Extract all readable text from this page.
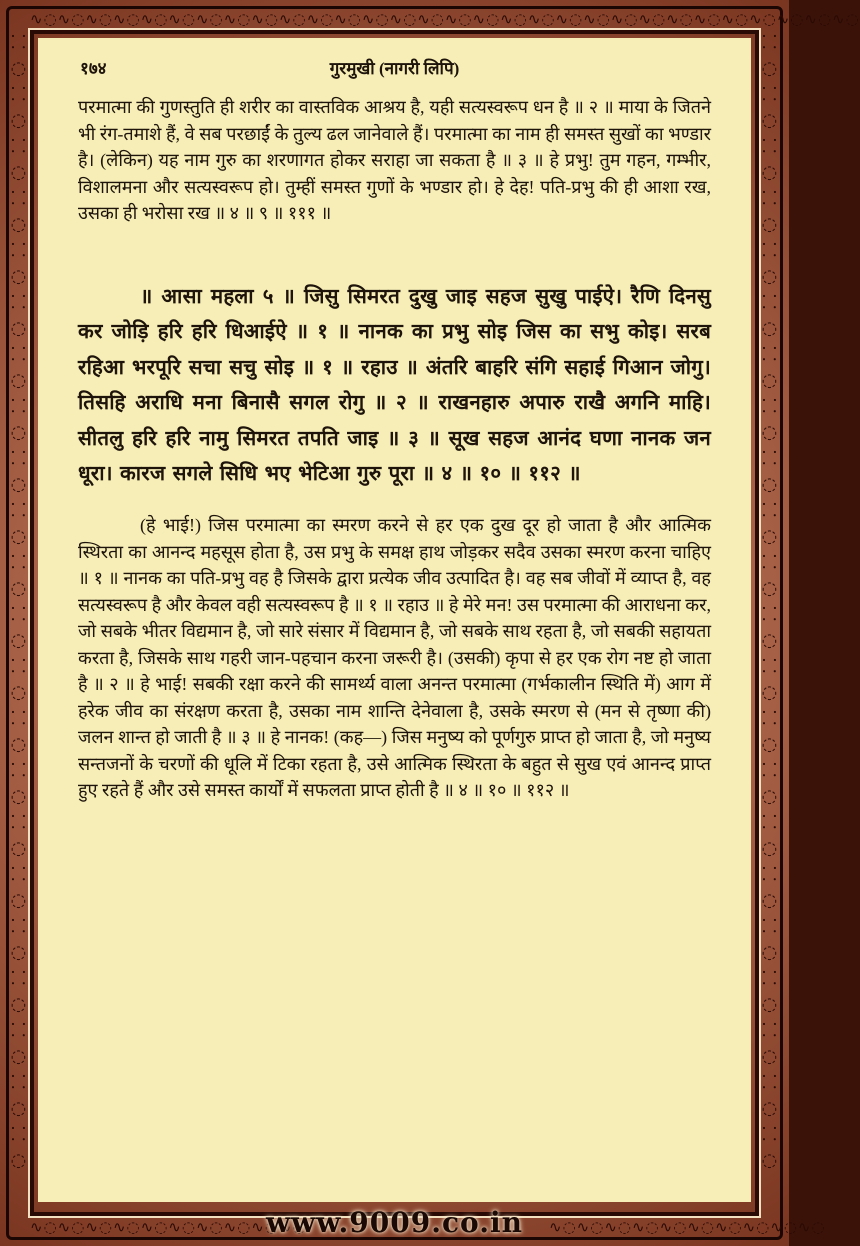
∿◌∿◌∿◌∿◌∿◌∿◌∿◌∿◌∿◌∿◌∿◌∿◌∿◌∿◌∿◌∿◌∿◌∿◌∿◌∿◌∿◌∿◌∿◌∿◌∿◌∿◌∿◌∿◌∿◌∿◌
⸬
◌
⸬
◌
⸬
◌
⸬
◌
⸬
◌
⸬
◌
⸬
◌
⸬
◌
⸬
◌
⸬
◌
⸬
◌
⸬
◌
⸬
◌
⸬
◌
⸬
◌
⸬
◌
⸬
◌
⸬
◌
⸬
◌
⸬
◌
⸬
◌
⸬
◌
⸬
◌
⸬
◌
⸬
◌
⸬
◌
⸬
◌
⸬
◌
⸬
◌
⸬
◌
⸬
◌
⸬
◌
⸬
◌
⸬
◌
⸬
◌
⸬
◌
⸬
◌
⸬
◌
⸬
◌
⸬
◌
⸬
◌
⸬
◌
⸬
◌
⸬
◌
∿◌∿◌∿◌∿◌∿◌∿◌∿◌∿◌∿◌∿◌	∿◌∿◌∿◌∿◌∿◌∿◌∿◌∿◌∿◌∿◌
१७४	गुरमुखी (नागरी लिपि)

परमात्मा की गुणस्तुति ही शरीर का वास्तविक आश्रय है, यही सत्यस्वरूप धन है ॥ २ ॥ माया के जितने भी रंग-तमाशे हैं, वे सब परछाईं के तुल्य ढल जानेवाले हैं। परमात्मा का नाम ही समस्त सुखों का भण्डार है। (लेकिन) यह नाम गुरु का शरणागत होकर सराहा जा सकता है ॥ ३ ॥ हे प्रभु! तुम गहन, गम्भीर, विशालमना और सत्यस्वरूप हो। तुम्हीं समस्त गुणों के भण्डार हो। हे देह! पति-प्रभु की ही आशा रख, उसका ही भरोसा रख ॥ ४ ॥ ९ ॥ १११ ॥

॥ आसा महला ५ ॥ जिसु सिमरत दुखु जाइ सहज सुखु पाईऐ। रैणि दिनसु कर जोड़ि हरि हरि धिआईऐ ॥ १ ॥ नानक का प्रभु सोइ जिस का सभु कोइ। सरब रहिआ भरपूरि सचा सचु सोइ ॥ १ ॥ रहाउ ॥ अंतरि बाहरि संगि सहाई गिआन जोगु। तिसहि अराधि मना बिनासै सगल रोगु ॥ २ ॥ राखनहारु अपारु राखै अगनि माहि। सीतलु हरि हरि नामु सिमरत तपति जाइ ॥ ३ ॥ सूख सहज आनंद घणा नानक जन धूरा। कारज सगले सिधि भए भेटिआ गुरु पूरा ॥ ४ ॥ १० ॥ ११२ ॥

(हे भाई!) जिस परमात्मा का स्मरण करने से हर एक दुख दूर हो जाता है और आत्मिक स्थिरता का आनन्द महसूस होता है, उस प्रभु के समक्ष हाथ जोड़कर सदैव उसका स्मरण करना चाहिए ॥ १ ॥ नानक का पति-प्रभु वह है जिसके द्वारा प्रत्येक जीव उत्पादित है। वह सब जीवों में व्याप्त है, वह सत्यस्वरूप है और केवल वही सत्यस्वरूप है ॥ १ ॥ रहाउ ॥ हे मेरे मन! उस परमात्मा की आराधना कर, जो सबके भीतर विद्यमान है, जो सारे संसार में विद्यमान है, जो सबके साथ रहता है, जो सबकी सहायता करता है, जिसके साथ गहरी जान-पहचान करना जरूरी है। (उसकी) कृपा से हर एक रोग नष्ट हो जाता है ॥ २ ॥ हे भाई! सबकी रक्षा करने की सामर्थ्य वाला अनन्त परमात्मा (गर्भकालीन स्थिति में) आग में हरेक जीव का संरक्षण करता है, उसका नाम शान्ति देनेवाला है, उसके स्मरण से (मन से तृष्णा की) जलन शान्त हो जाती है ॥ ३ ॥ हे नानक! (कह—) जिस मनुष्य को पूर्णगुरु प्राप्त हो जाता है, जो मनुष्य सन्तजनों के चरणों की धूलि में टिका रहता है, उसे आत्मिक स्थिरता के बहुत से सुख एवं आनन्द प्राप्त हुए रहते हैं और उसे समस्त कार्यों में सफलता प्राप्त होती है ॥ ४ ॥ १० ॥ ११२ ॥

www.9009.co.in
